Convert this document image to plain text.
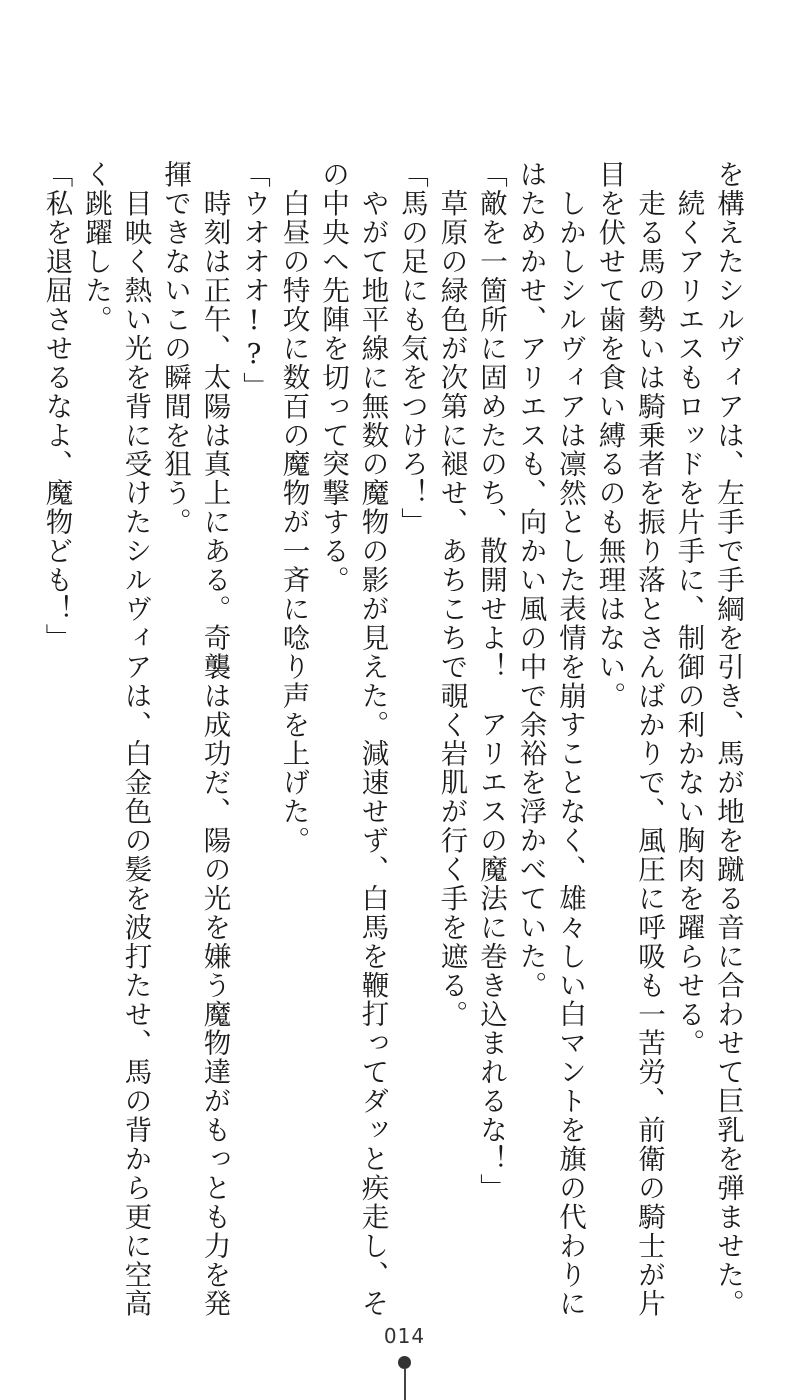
を構えたシルヴィアは、左手で手綱を引き、馬が地を蹴る音に合わせて巨乳を弾ませた。
　続くアリエスもロッドを片手に、制御の利かない胸肉を躍らせる。
　走る馬の勢いは騎乗者を振り落とさんばかりで、風圧に呼吸も一苦労、前衛の騎士が片
目を伏せて歯を食い縛るのも無理はない。
　しかしシルヴィアは凛然とした表情を崩すことなく、雄々しい白マントを旗の代わりに
はためかせ、アリエスも、向かい風の中で余裕を浮かべていた。
「敵を一箇所に固めたのち、散開せよ！　アリエスの魔法に巻き込まれるな！」
　草原の緑色が次第に褪せ、あちこちで覗く岩肌が行く手を遮る。
「馬の足にも気をつけろ！」
　やがて地平線に無数の魔物の影が見えた。減速せず、白馬を鞭打ってダッと疾走し、そ
の中央へ先陣を切って突撃する。
　白昼の特攻に数百の魔物が一斉に唸り声を上げた。
「ウオオオ!?」
　時刻は正午、太陽は真上にある。奇襲は成功だ、陽の光を嫌う魔物達がもっとも力を発
揮できないこの瞬間を狙う。
　目映く熱い光を背に受けたシルヴィアは、白金色の髪を波打たせ、馬の背から更に空高
く跳躍した。
「私を退屈させるなよ、魔物ども！」
014
